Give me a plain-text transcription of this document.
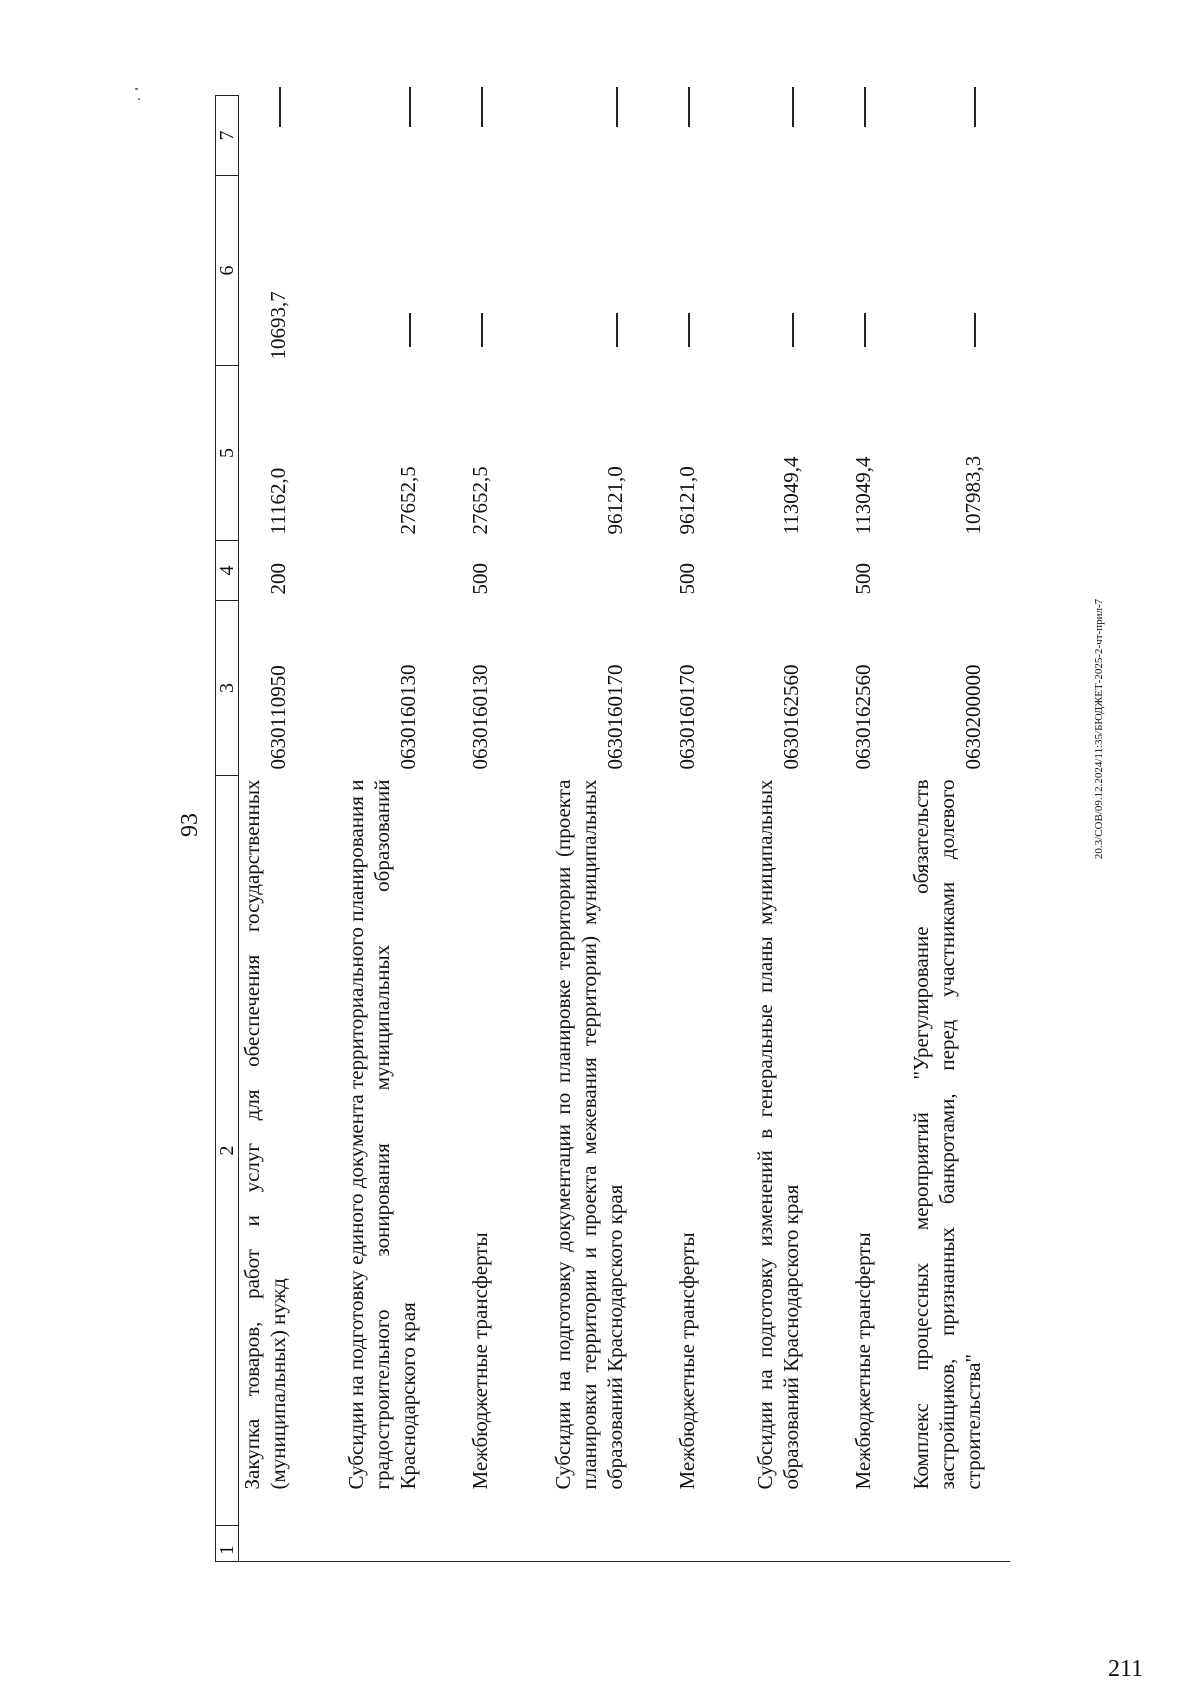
93
1	2	3	4	5	6	7
	Закупка товаров, работ и услуг для обеспечения государственных (муниципальных) нужд	0630110950	200	11162,0	10693,7	
	Субсидии на подготовку единого документа территориального планирования и градостроительного зонирования муниципальных образований Краснодарского края	0630160130		27652,5		
	Межбюджетные трансферты	0630160130	500	27652,5		
	Субсидии на подготовку документации по планировке территории (проекта планировки территории и проекта межевания территории) муниципальных образований Краснодарского края	0630160170		96121,0		
	Межбюджетные трансферты	0630160170	500	96121,0		
	Субсидии на подготовку изменений в генеральные планы муниципальных образований Краснодарского края	0630162560		113049,4		
	Межбюджетные трансферты	0630162560	500	113049,4		
	Комплекс процессных мероприятий "Урегулирование обязательств застройщиков, признанных банкротами, перед участниками долевого строительства"	0630200000		107983,3		
20.3/СОВ/09.12.2024/11:35/БЮДЖЕТ-2025-2-чт-прил-7
211
